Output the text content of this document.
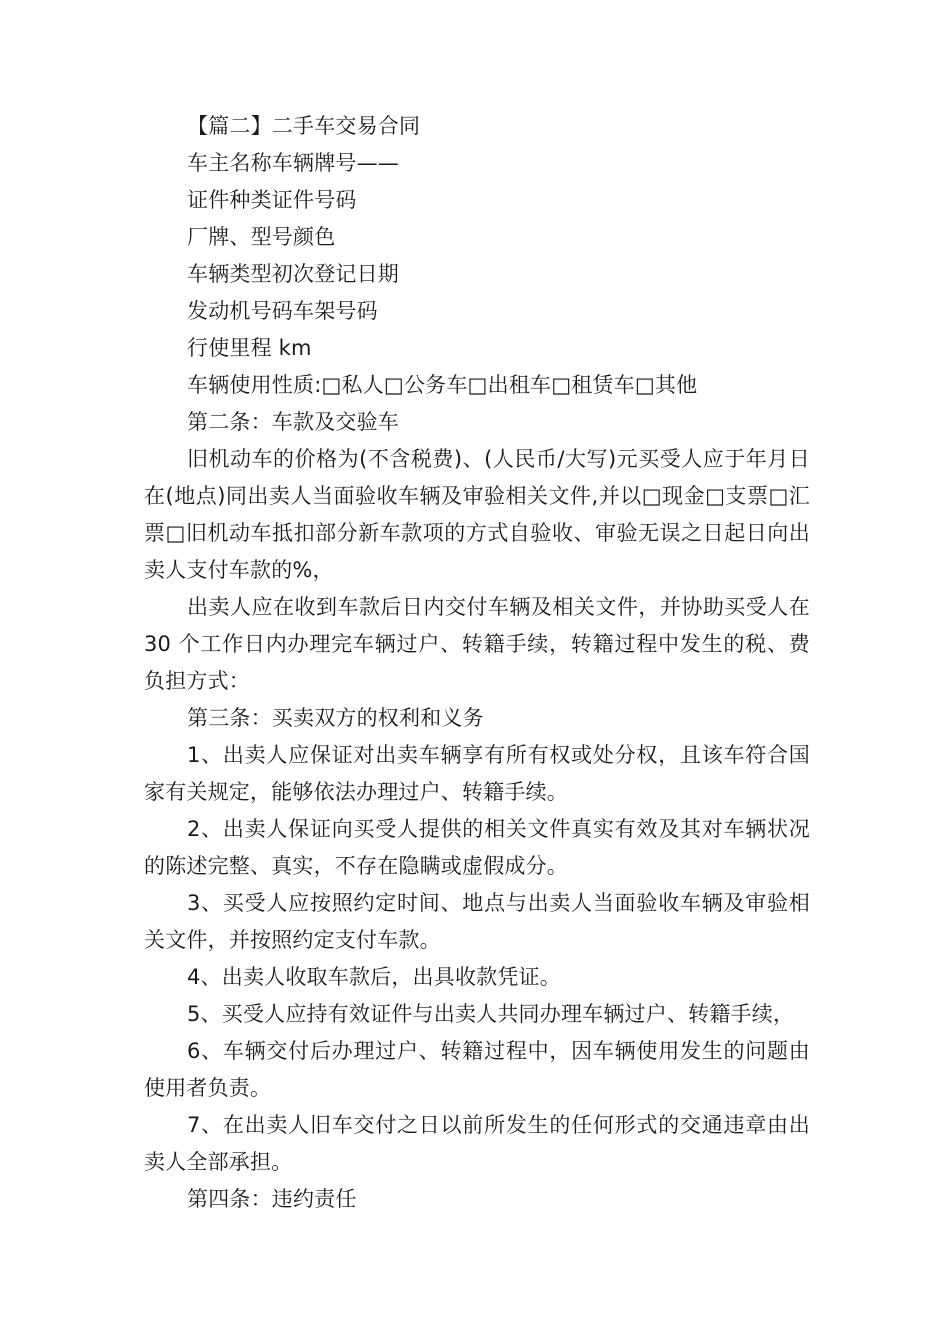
【篇二】二手车交易合同

车主名称车辆牌号——

证件种类证件号码

厂牌、型号颜色

车辆类型初次登记日期

发动机号码车架号码

行使里程 km

车辆使用性质:□私人□公务车□出租车□租赁车□其他

第二条：车款及交验车

旧机动车的价格为(不含税费)、(人民币/大写)元买受人应于年月日在(地点)同出卖人当面验收车辆及审验相关文件,并以□现金□支票□汇票□旧机动车抵扣部分新车款项的方式自验收、审验无误之日起日向出卖人支付车款的%，

出卖人应在收到车款后日内交付车辆及相关文件，并协助买受人在 30 个工作日内办理完车辆过户、转籍手续，转籍过程中发生的税、费负担方式：

第三条：买卖双方的权利和义务

1、出卖人应保证对出卖车辆享有所有权或处分权，且该车符合国家有关规定，能够依法办理过户、转籍手续。

2、出卖人保证向买受人提供的相关文件真实有效及其对车辆状况的陈述完整、真实，不存在隐瞒或虚假成分。

3、买受人应按照约定时间、地点与出卖人当面验收车辆及审验相关文件，并按照约定支付车款。

4、出卖人收取车款后，出具收款凭证。

5、买受人应持有效证件与出卖人共同办理车辆过户、转籍手续，

6、车辆交付后办理过户、转籍过程中，因车辆使用发生的问题由使用者负责。

7、在出卖人旧车交付之日以前所发生的任何形式的交通违章由出卖人全部承担。

第四条：违约责任
